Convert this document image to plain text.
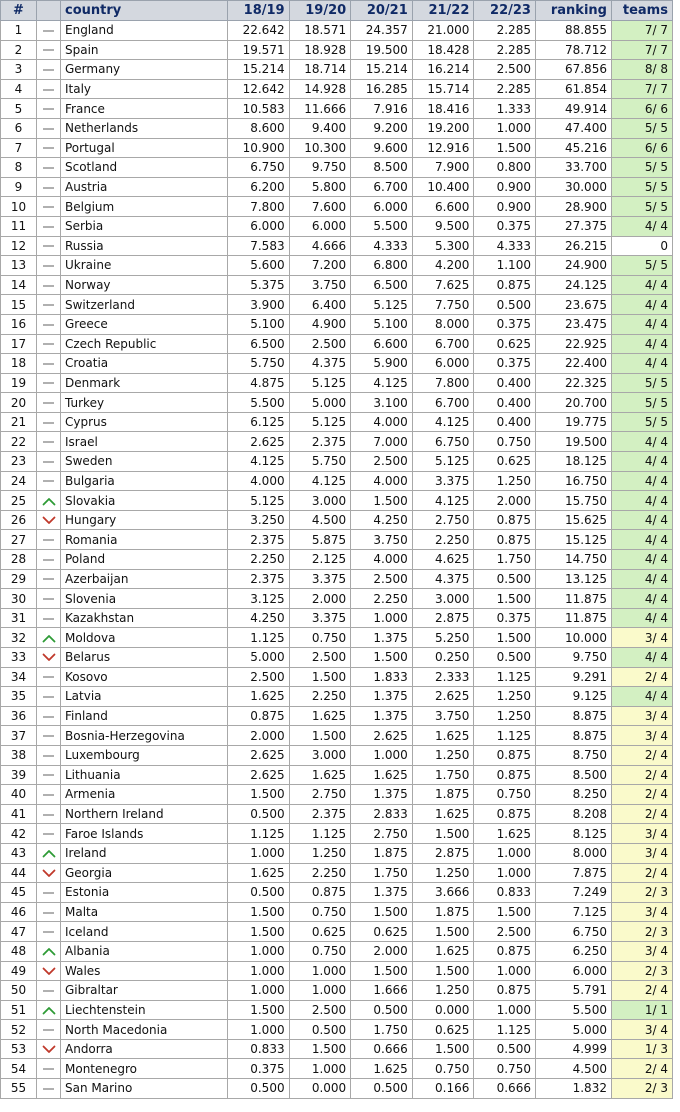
#		country	18/19	19/20	20/21	21/22	22/23	ranking	teams
1		England	22.642	18.571	24.357	21.000	2.285	88.855	7/ 7
2		Spain	19.571	18.928	19.500	18.428	2.285	78.712	7/ 7
3		Germany	15.214	18.714	15.214	16.214	2.500	67.856	8/ 8
4		Italy	12.642	14.928	16.285	15.714	2.285	61.854	7/ 7
5		France	10.583	11.666	7.916	18.416	1.333	49.914	6/ 6
6		Netherlands	8.600	9.400	9.200	19.200	1.000	47.400	5/ 5
7		Portugal	10.900	10.300	9.600	12.916	1.500	45.216	6/ 6
8		Scotland	6.750	9.750	8.500	7.900	0.800	33.700	5/ 5
9		Austria	6.200	5.800	6.700	10.400	0.900	30.000	5/ 5
10		Belgium	7.800	7.600	6.000	6.600	0.900	28.900	5/ 5
11		Serbia	6.000	6.000	5.500	9.500	0.375	27.375	4/ 4
12		Russia	7.583	4.666	4.333	5.300	4.333	26.215	0
13		Ukraine	5.600	7.200	6.800	4.200	1.100	24.900	5/ 5
14		Norway	5.375	3.750	6.500	7.625	0.875	24.125	4/ 4
15		Switzerland	3.900	6.400	5.125	7.750	0.500	23.675	4/ 4
16		Greece	5.100	4.900	5.100	8.000	0.375	23.475	4/ 4
17		Czech Republic	6.500	2.500	6.600	6.700	0.625	22.925	4/ 4
18		Croatia	5.750	4.375	5.900	6.000	0.375	22.400	4/ 4
19		Denmark	4.875	5.125	4.125	7.800	0.400	22.325	5/ 5
20		Turkey	5.500	5.000	3.100	6.700	0.400	20.700	5/ 5
21		Cyprus	6.125	5.125	4.000	4.125	0.400	19.775	5/ 5
22		Israel	2.625	2.375	7.000	6.750	0.750	19.500	4/ 4
23		Sweden	4.125	5.750	2.500	5.125	0.625	18.125	4/ 4
24		Bulgaria	4.000	4.125	4.000	3.375	1.250	16.750	4/ 4
25		Slovakia	5.125	3.000	1.500	4.125	2.000	15.750	4/ 4
26		Hungary	3.250	4.500	4.250	2.750	0.875	15.625	4/ 4
27		Romania	2.375	5.875	3.750	2.250	0.875	15.125	4/ 4
28		Poland	2.250	2.125	4.000	4.625	1.750	14.750	4/ 4
29		Azerbaijan	2.375	3.375	2.500	4.375	0.500	13.125	4/ 4
30		Slovenia	3.125	2.000	2.250	3.000	1.500	11.875	4/ 4
31		Kazakhstan	4.250	3.375	1.000	2.875	0.375	11.875	4/ 4
32		Moldova	1.125	0.750	1.375	5.250	1.500	10.000	3/ 4
33		Belarus	5.000	2.500	1.500	0.250	0.500	9.750	4/ 4
34		Kosovo	2.500	1.500	1.833	2.333	1.125	9.291	2/ 4
35		Latvia	1.625	2.250	1.375	2.625	1.250	9.125	4/ 4
36		Finland	0.875	1.625	1.375	3.750	1.250	8.875	3/ 4
37		Bosnia-Herzegovina	2.000	1.500	2.625	1.625	1.125	8.875	3/ 4
38		Luxembourg	2.625	3.000	1.000	1.250	0.875	8.750	2/ 4
39		Lithuania	2.625	1.625	1.625	1.750	0.875	8.500	2/ 4
40		Armenia	1.500	2.750	1.375	1.875	0.750	8.250	2/ 4
41		Northern Ireland	0.500	2.375	2.833	1.625	0.875	8.208	2/ 4
42		Faroe Islands	1.125	1.125	2.750	1.500	1.625	8.125	3/ 4
43		Ireland	1.000	1.250	1.875	2.875	1.000	8.000	3/ 4
44		Georgia	1.625	2.250	1.750	1.250	1.000	7.875	2/ 4
45		Estonia	0.500	0.875	1.375	3.666	0.833	7.249	2/ 3
46		Malta	1.500	0.750	1.500	1.875	1.500	7.125	3/ 4
47		Iceland	1.500	0.625	0.625	1.500	2.500	6.750	2/ 3
48		Albania	1.000	0.750	2.000	1.625	0.875	6.250	3/ 4
49		Wales	1.000	1.000	1.500	1.500	1.000	6.000	2/ 3
50		Gibraltar	1.000	1.000	1.666	1.250	0.875	5.791	2/ 4
51		Liechtenstein	1.500	2.500	0.500	0.000	1.000	5.500	1/ 1
52		North Macedonia	1.000	0.500	1.750	0.625	1.125	5.000	3/ 4
53		Andorra	0.833	1.500	0.666	1.500	0.500	4.999	1/ 3
54		Montenegro	0.375	1.000	1.625	0.750	0.750	4.500	2/ 4
55		San Marino	0.500	0.000	0.500	0.166	0.666	1.832	2/ 3
